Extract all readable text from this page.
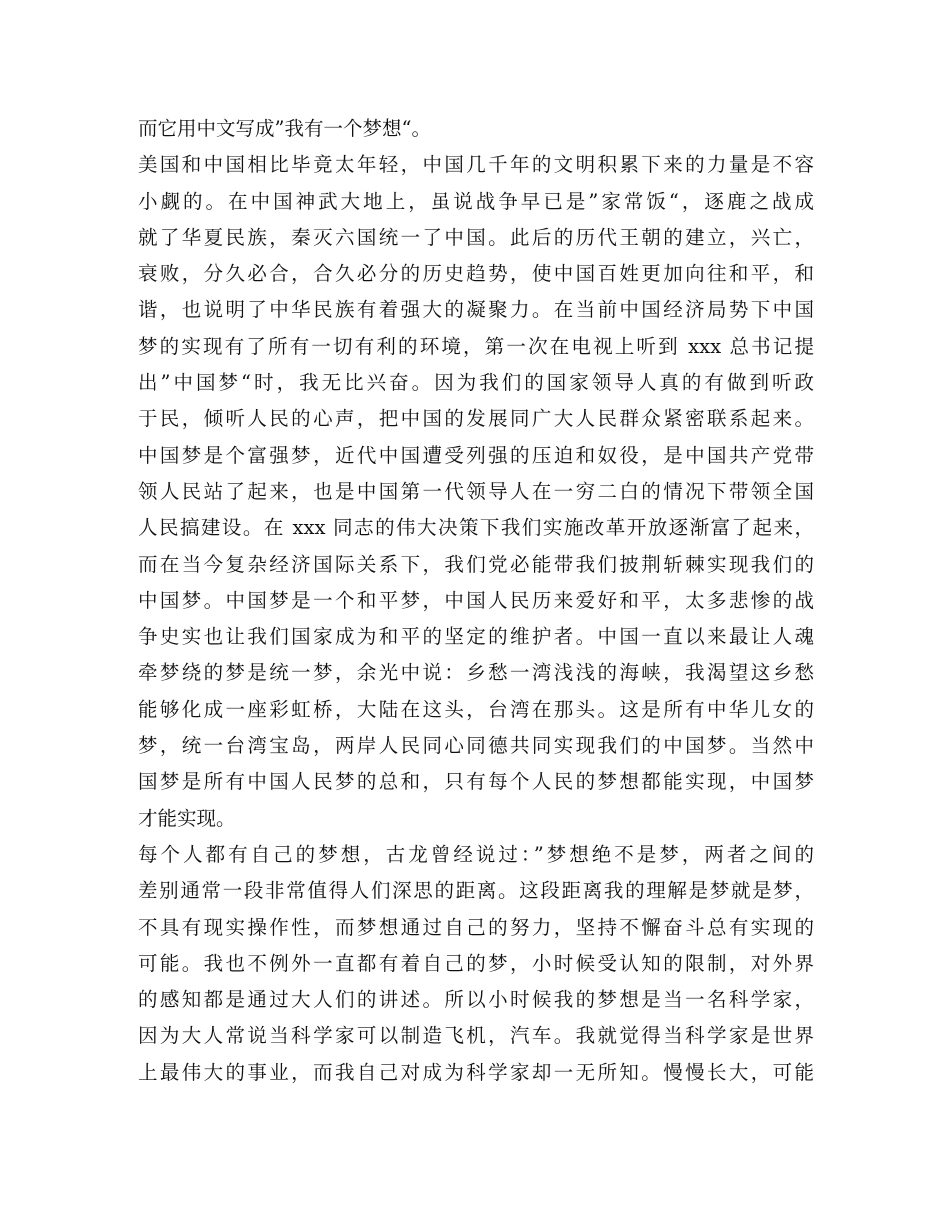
而它用中文写成”我有一个梦想“。
美国和中国相比毕竟太年轻，中国几千年的文明积累下来的力量是不容
小觑的。在中国神武大地上，虽说战争早已是”家常饭“，逐鹿之战成
就了华夏民族，秦灭六国统一了中国。此后的历代王朝的建立，兴亡，
衰败，分久必合，合久必分的历史趋势，使中国百姓更加向往和平，和
谐，也说明了中华民族有着强大的凝聚力。在当前中国经济局势下中国
梦的实现有了所有一切有利的环境，第一次在电视上听到 xxx 总书记提
出”中国梦“时，我无比兴奋。因为我们的国家领导人真的有做到听政
于民，倾听人民的心声，把中国的发展同广大人民群众紧密联系起来。
中国梦是个富强梦，近代中国遭受列强的压迫和奴役，是中国共产党带
领人民站了起来，也是中国第一代领导人在一穷二白的情况下带领全国
人民搞建设。在 xxx 同志的伟大决策下我们实施改革开放逐渐富了起来，
而在当今复杂经济国际关系下，我们党必能带我们披荆斩棘实现我们的
中国梦。中国梦是一个和平梦，中国人民历来爱好和平，太多悲惨的战
争史实也让我们国家成为和平的坚定的维护者。中国一直以来最让人魂
牵梦绕的梦是统一梦，余光中说：乡愁一湾浅浅的海峡，我渴望这乡愁
能够化成一座彩虹桥，大陆在这头，台湾在那头。这是所有中华儿女的
梦，统一台湾宝岛，两岸人民同心同德共同实现我们的中国梦。当然中
国梦是所有中国人民梦的总和，只有每个人民的梦想都能实现，中国梦
才能实现。
每个人都有自己的梦想，古龙曾经说过：”梦想绝不是梦，两者之间的
差别通常一段非常值得人们深思的距离。这段距离我的理解是梦就是梦，
不具有现实操作性，而梦想通过自己的努力，坚持不懈奋斗总有实现的
可能。我也不例外一直都有着自己的梦，小时候受认知的限制，对外界
的感知都是通过大人们的讲述。所以小时候我的梦想是当一名科学家，
因为大人常说当科学家可以制造飞机，汽车。我就觉得当科学家是世界
上最伟大的事业，而我自己对成为科学家却一无所知。慢慢长大，可能
